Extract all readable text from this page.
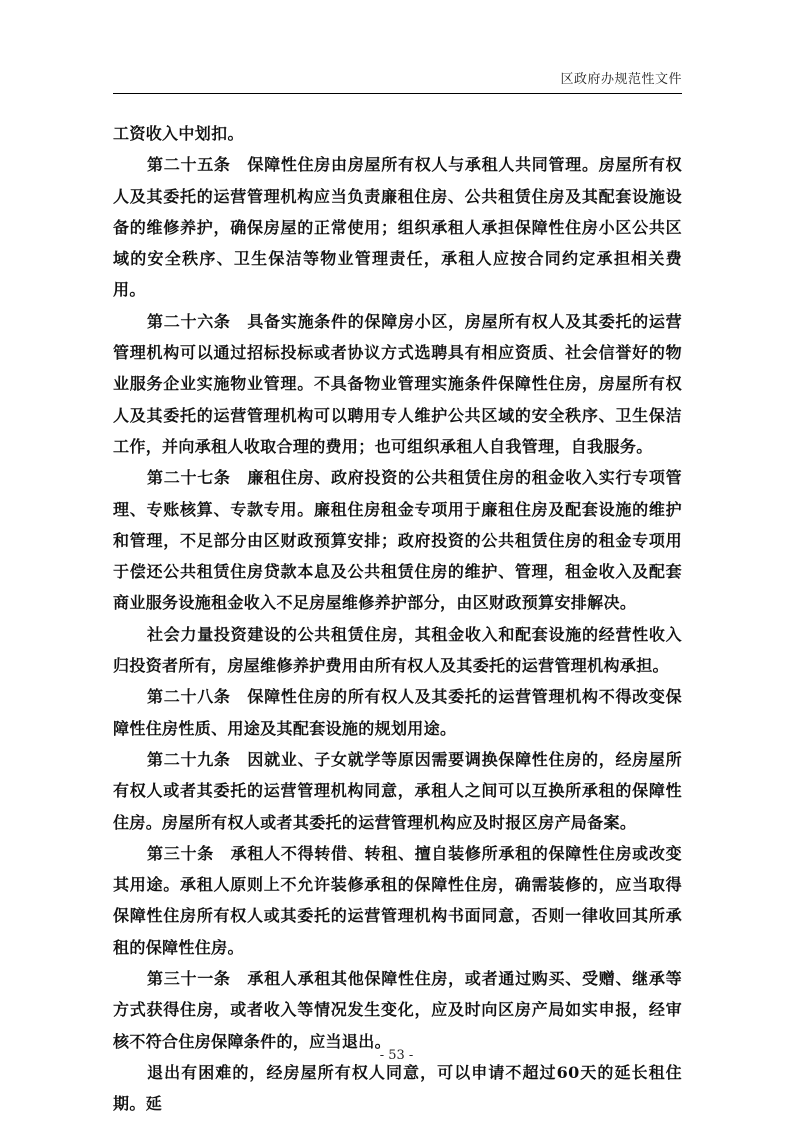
区政府办规范性文件

工资收入中划扣。

第二十五条　保障性住房由房屋所有权人与承租人共同管理。房屋所有权人及其委托的运营管理机构应当负责廉租住房、公共租赁住房及其配套设施设备的维修养护，确保房屋的正常使用；组织承租人承担保障性住房小区公共区域的安全秩序、卫生保洁等物业管理责任，承租人应按合同约定承担相关费用。

第二十六条　具备实施条件的保障房小区，房屋所有权人及其委托的运营管理机构可以通过招标投标或者协议方式选聘具有相应资质、社会信誉好的物业服务企业实施物业管理。不具备物业管理实施条件保障性住房，房屋所有权人及其委托的运营管理机构可以聘用专人维护公共区域的安全秩序、卫生保洁工作，并向承租人收取合理的费用；也可组织承租人自我管理，自我服务。

第二十七条　廉租住房、政府投资的公共租赁住房的租金收入实行专项管理、专账核算、专款专用。廉租住房租金专项用于廉租住房及配套设施的维护和管理，不足部分由区财政预算安排；政府投资的公共租赁住房的租金专项用于偿还公共租赁住房贷款本息及公共租赁住房的维护、管理，租金收入及配套商业服务设施租金收入不足房屋维修养护部分，由区财政预算安排解决。

社会力量投资建设的公共租赁住房，其租金收入和配套设施的经营性收入归投资者所有，房屋维修养护费用由所有权人及其委托的运营管理机构承担。

第二十八条　保障性住房的所有权人及其委托的运营管理机构不得改变保障性住房性质、用途及其配套设施的规划用途。

第二十九条　因就业、子女就学等原因需要调换保障性住房的，经房屋所有权人或者其委托的运营管理机构同意，承租人之间可以互换所承租的保障性住房。房屋所有权人或者其委托的运营管理机构应及时报区房产局备案。

第三十条　承租人不得转借、转租、擅自装修所承租的保障性住房或改变其用途。承租人原则上不允许装修承租的保障性住房，确需装修的，应当取得保障性住房所有权人或其委托的运营管理机构书面同意，否则一律收回其所承租的保障性住房。

第三十一条　承租人承租其他保障性住房，或者通过购买、受赠、继承等方式获得住房，或者收入等情况发生变化，应及时向区房产局如实申报，经审核不符合住房保障条件的，应当退出。

退出有困难的，经房屋所有权人同意，可以申请不超过60天的延长租住期。延

- 53 -
